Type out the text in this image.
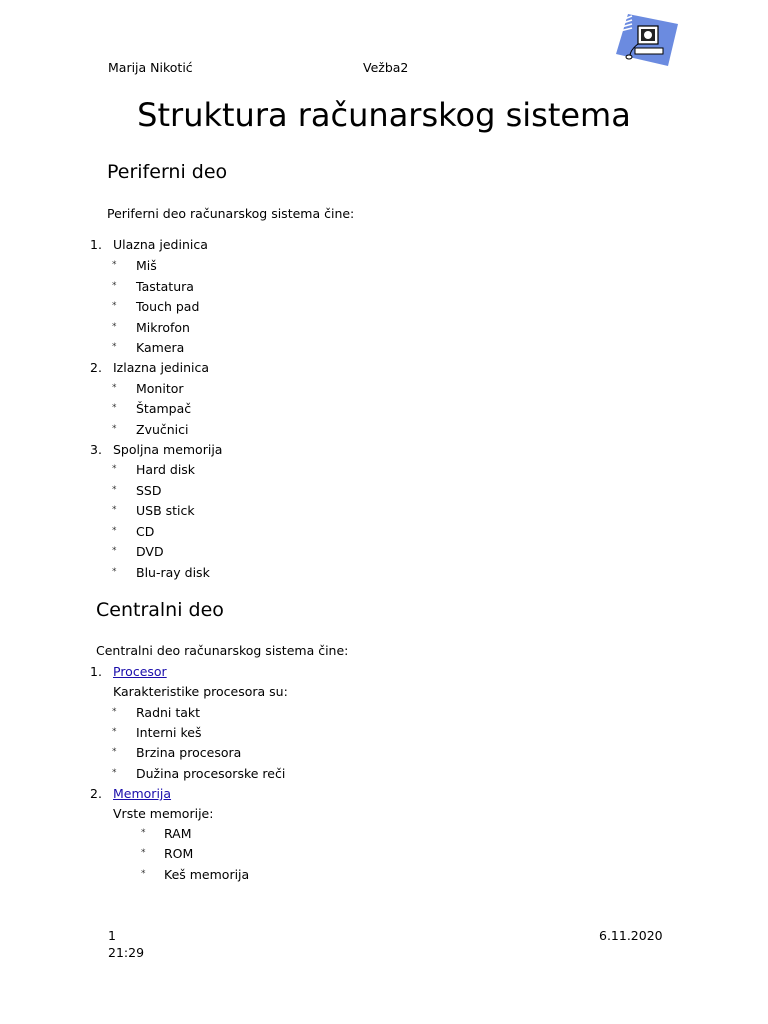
Marija Nikotić	Vežba2
Struktura računarskog sistema
Periferni deo
Periferni deo računarskog sistema čine:
1. Ulazna jedinica
* Miš
* Tastatura
* Touch pad
* Mikrofon
* Kamera
2. Izlazna jedinica
* Monitor
* Štampač
* Zvučnici
3. Spoljna memorija
* Hard disk
* SSD
* USB stick
* CD
* DVD
* Blu-ray disk
Centralni deo
Centralni deo računarskog sistema čine:
1. Procesor
Karakteristike procesora su:
* Radni takt
* Interni keš
* Brzina procesora
* Dužina procesorske reči
2. Memorija
Vrste memorije:
* RAM
* ROM
* Keš memorija
1
21:29
6.11.2020
